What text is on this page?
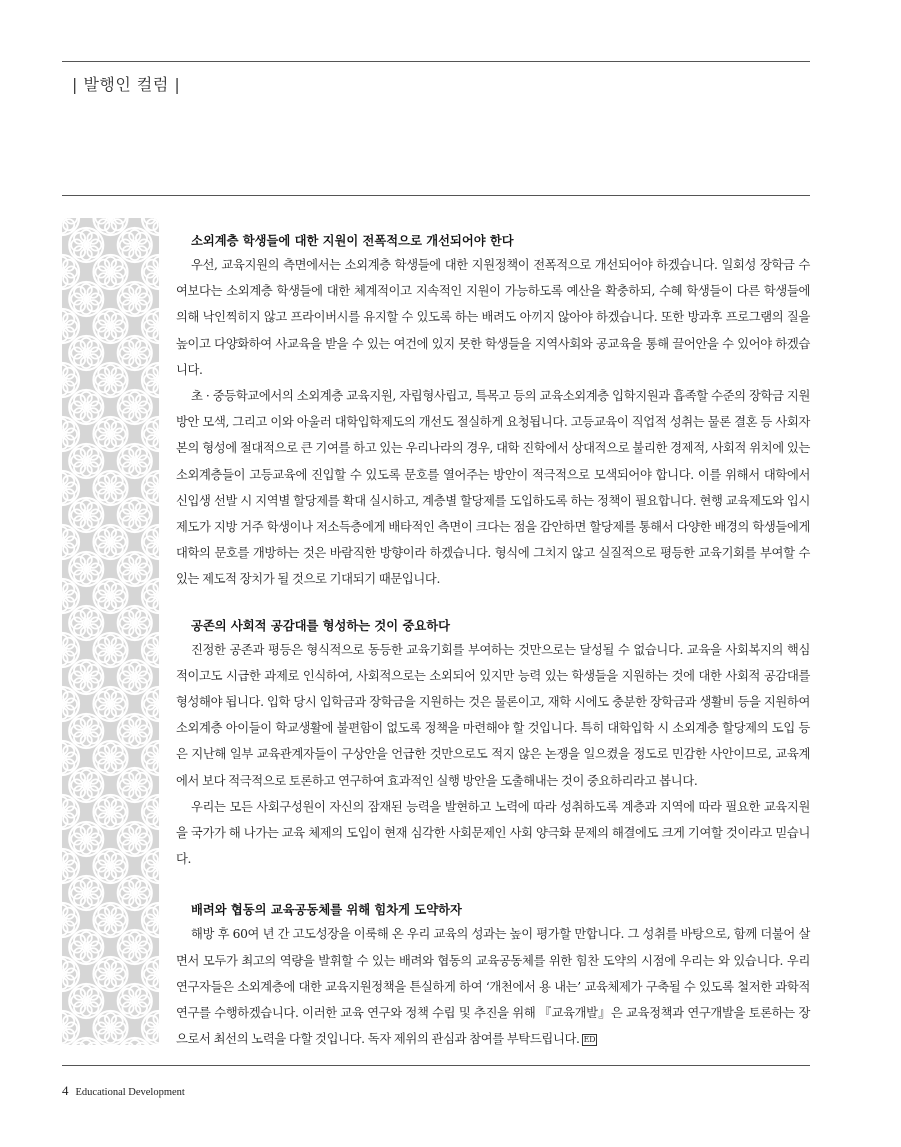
| 발행인 컬럼 |

소외계층 학생들에 대한 지원이 전폭적으로 개선되어야 한다

우선, 교육지원의 측면에서는 소외계층 학생들에 대한 지원정책이 전폭적으로 개선되어야 하겠습니다. 일회성 장학금 수여보다는 소외계층 학생들에 대한 체계적이고 지속적인 지원이 가능하도록 예산을 확충하되, 수혜 학생들이 다른 학생들에 의해 낙인찍히지 않고 프라이버시를 유지할 수 있도록 하는 배려도 아끼지 않아야 하겠습니다. 또한 방과후 프로그램의 질을 높이고 다양화하여 사교육을 받을 수 있는 여건에 있지 못한 학생들을 지역사회와 공교육을 통해 끌어안을 수 있어야 하겠습니다.

초 · 중등학교에서의 소외계층 교육지원, 자립형사립고, 특목고 등의 교육소외계층 입학지원과 흡족할 수준의 장학금 지원 방안 모색, 그리고 이와 아울러 대학입학제도의 개선도 절실하게 요청됩니다. 고등교육이 직업적 성취는 물론 결혼 등 사회자본의 형성에 절대적으로 큰 기여를 하고 있는 우리나라의 경우, 대학 진학에서 상대적으로 불리한 경제적, 사회적 위치에 있는 소외계층들이 고등교육에 진입할 수 있도록 문호를 열어주는 방안이 적극적으로 모색되어야 합니다. 이를 위해서 대학에서 신입생 선발 시 지역별 할당제를 확대 실시하고, 계층별 할당제를 도입하도록 하는 정책이 필요합니다. 현행 교육제도와 입시제도가 지방 거주 학생이나 저소득층에게 배타적인 측면이 크다는 점을 감안하면 할당제를 통해서 다양한 배경의 학생들에게 대학의 문호를 개방하는 것은 바람직한 방향이라 하겠습니다. 형식에 그치지 않고 실질적으로 평등한 교육기회를 부여할 수 있는 제도적 장치가 될 것으로 기대되기 때문입니다.

공존의 사회적 공감대를 형성하는 것이 중요하다

진정한 공존과 평등은 형식적으로 동등한 교육기회를 부여하는 것만으로는 달성될 수 없습니다. 교육을 사회복지의 핵심적이고도 시급한 과제로 인식하여, 사회적으로는 소외되어 있지만 능력 있는 학생들을 지원하는 것에 대한 사회적 공감대를 형성해야 됩니다. 입학 당시 입학금과 장학금을 지원하는 것은 물론이고, 재학 시에도 충분한 장학금과 생활비 등을 지원하여 소외계층 아이들이 학교생활에 불편함이 없도록 정책을 마련해야 할 것입니다. 특히 대학입학 시 소외계층 할당제의 도입 등은 지난해 일부 교육관계자들이 구상안을 언급한 것만으로도 적지 않은 논쟁을 일으켰을 정도로 민감한 사안이므로, 교육계에서 보다 적극적으로 토론하고 연구하여 효과적인 실행 방안을 도출해내는 것이 중요하리라고 봅니다.

우리는 모든 사회구성원이 자신의 잠재된 능력을 발현하고 노력에 따라 성취하도록 계층과 지역에 따라 필요한 교육지원을 국가가 해 나가는 교육 체제의 도입이 현재 심각한 사회문제인 사회 양극화 문제의 해결에도 크게 기여할 것이라고 믿습니다.

배려와 협동의 교육공동체를 위해 힘차게 도약하자

해방 후 60여 년 간 고도성장을 이룩해 온 우리 교육의 성과는 높이 평가할 만합니다. 그 성취를 바탕으로, 함께 더불어 살면서 모두가 최고의 역량을 발휘할 수 있는 배려와 협동의 교육공동체를 위한 힘찬 도약의 시점에 우리는 와 있습니다. 우리 연구자들은 소외계층에 대한 교육지원정책을 튼실하게 하여 ‘개천에서 용 내는’ 교육체제가 구축될 수 있도록 철저한 과학적 연구를 수행하겠습니다. 이러한 교육 연구와 정책 수립 및 추진을 위해 『교육개발』은 교육정책과 연구개발을 토론하는 장으로서 최선의 노력을 다할 것입니다. 독자 제위의 관심과 참여를 부탁드립니다. ED

4 Educational Development
